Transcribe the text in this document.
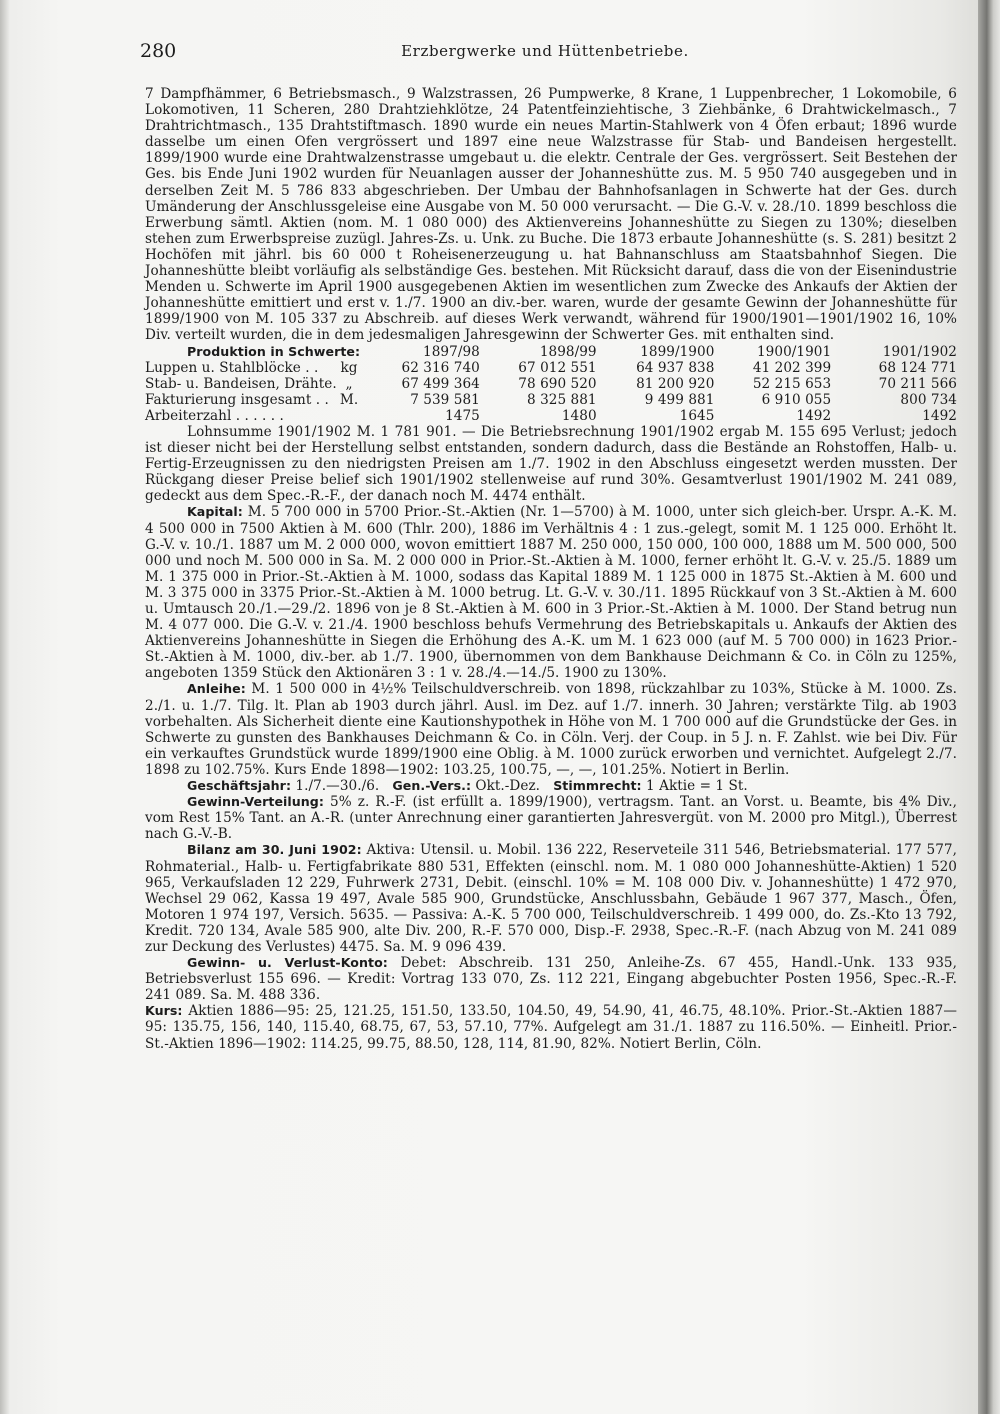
280	Erzbergwerke und Hüttenbetriebe.

7 Dampfhämmer, 6 Betriebsmasch., 9 Walzstrassen, 26 Pumpwerke, 8 Krane, 1 Luppenbrecher, 1 Lokomobile, 6 Lokomotiven, 11 Scheren, 280 Drahtziehklötze, 24 Patentfeinziehtische, 3 Ziehbänke, 6 Drahtwickelmasch., 7 Drahtrichtmasch., 135 Drahtstiftmasch. 1890 wurde ein neues Martin-Stahlwerk von 4 Öfen erbaut; 1896 wurde dasselbe um einen Ofen vergrössert und 1897 eine neue Walzstrasse für Stab- und Bandeisen hergestellt. 1899/1900 wurde eine Drahtwalzenstrasse umgebaut u. die elektr. Centrale der Ges. vergrössert. Seit Bestehen der Ges. bis Ende Juni 1902 wurden für Neuanlagen ausser der Johanneshütte zus. M. 5 950 740 ausgegeben und in derselben Zeit M. 5 786 833 abgeschrieben. Der Umbau der Bahnhofsanlagen in Schwerte hat der Ges. durch Umänderung der Anschlussgeleise eine Ausgabe von M. 50 000 verursacht. — Die G.-V. v. 28./10. 1899 beschloss die Erwerbung sämtl. Aktien (nom. M. 1 080 000) des Aktienvereins Johanneshütte zu Siegen zu 130%; dieselben stehen zum Erwerbspreise zuzügl. Jahres-Zs. u. Unk. zu Buche. Die 1873 erbaute Johanneshütte (s. S. 281) besitzt 2 Hochöfen mit jährl. bis 60 000 t Roheisenerzeugung u. hat Bahnanschluss am Staatsbahnhof Siegen. Die Johanneshütte bleibt vorläufig als selbständige Ges. bestehen. Mit Rücksicht darauf, dass die von der Eisenindustrie Menden u. Schwerte im April 1900 ausgegebenen Aktien im wesentlichen zum Zwecke des Ankaufs der Aktien der Johanneshütte emittiert und erst v. 1./7. 1900 an div.-ber. waren, wurde der gesamte Gewinn der Johanneshütte für 1899/1900 von M. 105 337 zu Abschreib. auf dieses Werk verwandt, während für 1900/1901—1901/1902 16, 10% Div. verteilt wurden, die in dem jedesmaligen Jahresgewinn der Schwerter Ges. mit enthalten sind.

Produktion in Schwerte:		1897/98	1898/99	1899/1900	1900/1901	1901/1902
Luppen u. Stahlblöcke . .	kg	62 316 740	67 012 551	64 937 838	41 202 399	68 124 771
Stab- u. Bandeisen, Drähte.	„	67 499 364	78 690 520	81 200 920	52 215 653	70 211 566
Fakturierung insgesamt . .	M.	7 539 581	8 325 881	9 499 881	6 910 055	800 734
Arbeiterzahl . . . . . .		1475	1480	1645	1492	1492

Lohnsumme 1901/1902 M. 1 781 901. — Die Betriebsrechnung 1901/1902 ergab M. 155 695 Verlust; jedoch ist dieser nicht bei der Herstellung selbst entstanden, sondern dadurch, dass die Bestände an Rohstoffen, Halb- u. Fertig-Erzeugnissen zu den niedrigsten Preisen am 1./7. 1902 in den Abschluss eingesetzt werden mussten. Der Rückgang dieser Preise belief sich 1901/1902 stellenweise auf rund 30%. Gesamtverlust 1901/1902 M. 241 089, gedeckt aus dem Spec.-R.-F., der danach noch M. 4474 enthält.

Kapital: M. 5 700 000 in 5700 Prior.-St.-Aktien (Nr. 1—5700) à M. 1000, unter sich gleich-ber. Urspr. A.-K. M. 4 500 000 in 7500 Aktien à M. 600 (Thlr. 200), 1886 im Verhältnis 4 : 1 zus.-gelegt, somit M. 1 125 000. Erhöht lt. G.-V. v. 10./1. 1887 um M. 2 000 000, wovon emittiert 1887 M. 250 000, 150 000, 100 000, 1888 um M. 500 000, 500 000 und noch M. 500 000 in Sa. M. 2 000 000 in Prior.-St.-Aktien à M. 1000, ferner erhöht lt. G.-V. v. 25./5. 1889 um M. 1 375 000 in Prior.-St.-Aktien à M. 1000, sodass das Kapital 1889 M. 1 125 000 in 1875 St.-Aktien à M. 600 und M. 3 375 000 in 3375 Prior.-St.-Aktien à M. 1000 betrug. Lt. G.-V. v. 30./11. 1895 Rückkauf von 3 St.-Aktien à M. 600 u. Umtausch 20./1.—29./2. 1896 von je 8 St.-Aktien à M. 600 in 3 Prior.-St.-Aktien à M. 1000. Der Stand betrug nun M. 4 077 000. Die G.-V. v. 21./4. 1900 beschloss behufs Vermehrung des Betriebskapitals u. Ankaufs der Aktien des Aktienvereins Johanneshütte in Siegen die Erhöhung des A.-K. um M. 1 623 000 (auf M. 5 700 000) in 1623 Prior.-St.-Aktien à M. 1000, div.-ber. ab 1./7. 1900, übernommen von dem Bankhause Deichmann & Co. in Cöln zu 125%, angeboten 1359 Stück den Aktionären 3 : 1 v. 28./4.—14./5. 1900 zu 130%.

Anleihe: M. 1 500 000 in 4½% Teilschuldverschreib. von 1898, rückzahlbar zu 103%, Stücke à M. 1000. Zs. 2./1. u. 1./7. Tilg. lt. Plan ab 1903 durch jährl. Ausl. im Dez. auf 1./7. innerh. 30 Jahren; verstärkte Tilg. ab 1903 vorbehalten. Als Sicherheit diente eine Kautionshypothek in Höhe von M. 1 700 000 auf die Grundstücke der Ges. in Schwerte zu gunsten des Bankhauses Deichmann & Co. in Cöln. Verj. der Coup. in 5 J. n. F. Zahlst. wie bei Div. Für ein verkauftes Grundstück wurde 1899/1900 eine Oblig. à M. 1000 zurück erworben und vernichtet. Aufgelegt 2./7. 1898 zu 102.75%. Kurs Ende 1898—1902: 103.25, 100.75, —, —, 101.25%. Notiert in Berlin.

Geschäftsjahr: 1./7.—30./6. Gen.-Vers.: Okt.-Dez. Stimmrecht: 1 Aktie = 1 St.

Gewinn-Verteilung: 5% z. R.-F. (ist erfüllt a. 1899/1900), vertragsm. Tant. an Vorst. u. Beamte, bis 4% Div., vom Rest 15% Tant. an A.-R. (unter Anrechnung einer garantierten Jahresvergüt. von M. 2000 pro Mitgl.), Überrest nach G.-V.-B.

Bilanz am 30. Juni 1902: Aktiva: Utensil. u. Mobil. 136 222, Reserveteile 311 546, Betriebsmaterial. 177 577, Rohmaterial., Halb- u. Fertigfabrikate 880 531, Effekten (einschl. nom. M. 1 080 000 Johanneshütte-Aktien) 1 520 965, Verkaufsladen 12 229, Fuhrwerk 2731, Debit. (einschl. 10% = M. 108 000 Div. v. Johanneshütte) 1 472 970, Wechsel 29 062, Kassa 19 497, Avale 585 900, Grundstücke, Anschlussbahn, Gebäude 1 967 377, Masch., Öfen, Motoren 1 974 197, Versich. 5635. — Passiva: A.-K. 5 700 000, Teilschuldverschreib. 1 499 000, do. Zs.-Kto 13 792, Kredit. 720 134, Avale 585 900, alte Div. 200, R.-F. 570 000, Disp.-F. 2938, Spec.-R.-F. (nach Abzug von M. 241 089 zur Deckung des Verlustes) 4475. Sa. M. 9 096 439.

Gewinn- u. Verlust-Konto: Debet: Abschreib. 131 250, Anleihe-Zs. 67 455, Handl.-Unk. 133 935, Betriebsverlust 155 696. — Kredit: Vortrag 133 070, Zs. 112 221, Eingang abgebuchter Posten 1956, Spec.-R.-F. 241 089. Sa. M. 488 336.

Kurs: Aktien 1886—95: 25, 121.25, 151.50, 133.50, 104.50, 49, 54.90, 41, 46.75, 48.10%. Prior.-St.-Aktien 1887—95: 135.75, 156, 140, 115.40, 68.75, 67, 53, 57.10, 77%. Aufgelegt am 31./1. 1887 zu 116.50%. — Einheitl. Prior.-St.-Aktien 1896—1902: 114.25, 99.75, 88.50, 128, 114, 81.90, 82%. Notiert Berlin, Cöln.
